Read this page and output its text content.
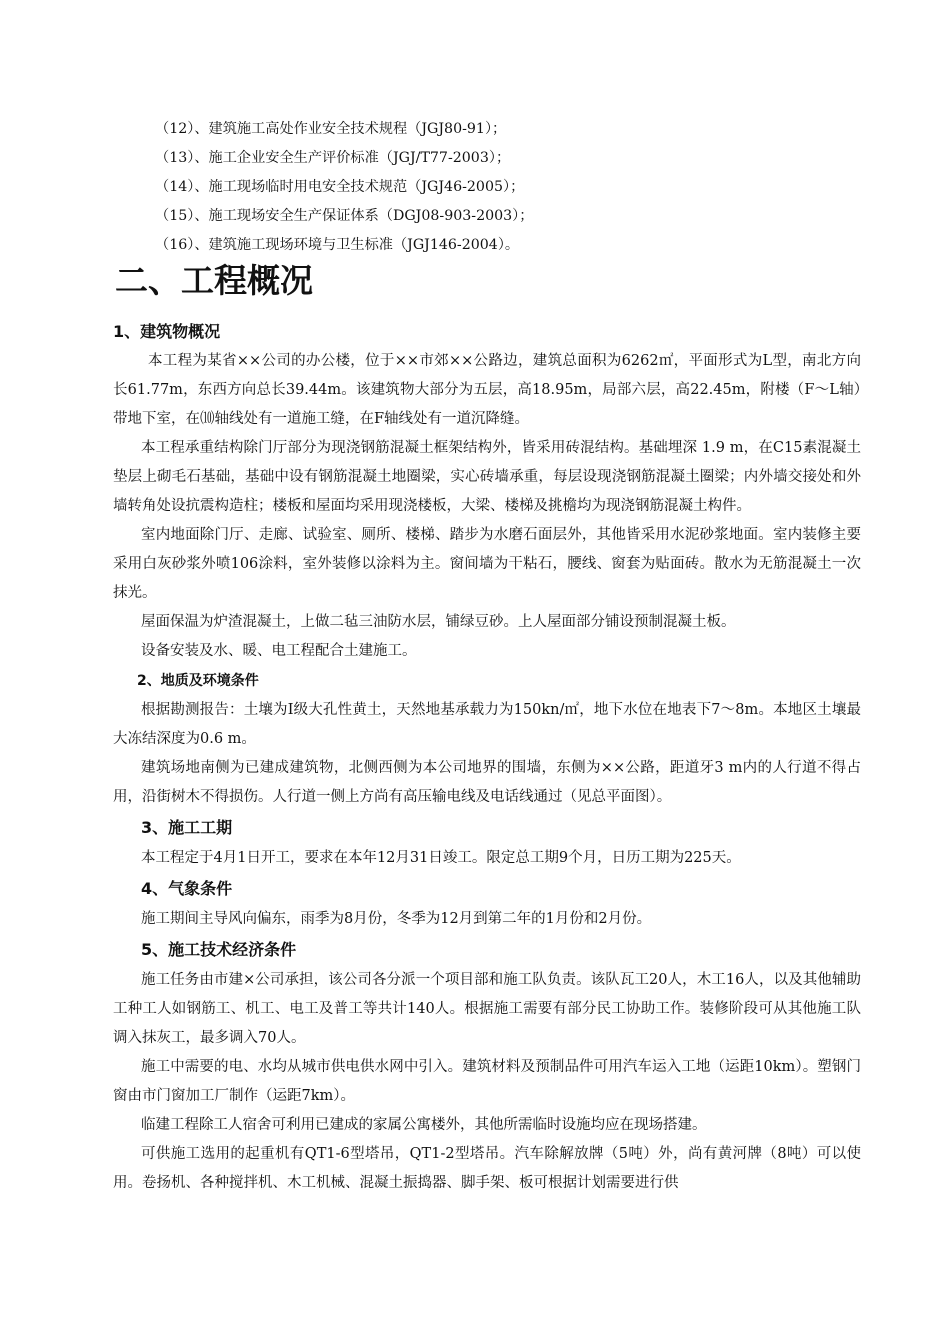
（12）、建筑施工高处作业安全技术规程（JGJ80-91）；
（13）、施工企业安全生产评价标准（JGJ/T77-2003）；
（14）、施工现场临时用电安全技术规范（JGJ46-2005）；
（15）、施工现场安全生产保证体系（DGJ08-903-2003）；
（16）、建筑施工现场环境与卫生标准（JGJ146-2004）。
二、工程概况
1、建筑物概况

本工程为某省××公司的办公楼，位于××市郊××公路边，建筑总面积为6262㎡，平面形式为L型，南北方向长61.77m，东西方向总长39.44m。该建筑物大部分为五层，高18.95m，局部六层，高22.45m，附楼（F～L轴）带地下室，在⑽轴线处有一道施工缝，在F轴线处有一道沉降缝。

本工程承重结构除门厅部分为现浇钢筋混凝土框架结构外，皆采用砖混结构。基础埋深 1.9 m，在C15素混凝土垫层上砌毛石基础，基础中设有钢筋混凝土地圈梁，实心砖墙承重，每层设现浇钢筋混凝土圈梁；内外墙交接处和外墙转角处设抗震构造柱；楼板和屋面均采用现浇楼板，大梁、楼梯及挑檐均为现浇钢筋混凝土构件。

室内地面除门厅、走廊、试验室、厕所、楼梯、踏步为水磨石面层外，其他皆采用水泥砂浆地面。室内装修主要采用白灰砂浆外喷106涂料，室外装修以涂料为主。窗间墙为干粘石，腰线、窗套为贴面砖。散水为无筋混凝土一次抹光。

屋面保温为炉渣混凝土，上做二毡三油防水层，铺绿豆砂。上人屋面部分铺设预制混凝土板。

设备安装及水、暖、电工程配合土建施工。

2、地质及环境条件

根据勘测报告：土壤为Ⅰ级大孔性黄土，天然地基承载力为150kn/㎡，地下水位在地表下7～8m。本地区土壤最大冻结深度为0.6 m。

建筑场地南侧为已建成建筑物，北侧西侧为本公司地界的围墙，东侧为××公路，距道牙3 m内的人行道不得占用，沿街树木不得损伤。人行道一侧上方尚有高压输电线及电话线通过（见总平面图）。

3、施工工期

本工程定于4月1日开工，要求在本年12月31日竣工。限定总工期9个月，日历工期为225天。

4、气象条件

施工期间主导风向偏东，雨季为8月份，冬季为12月到第二年的1月份和2月份。

5、施工技术经济条件

施工任务由市建×公司承担，该公司各分派一个项目部和施工队负责。该队瓦工20人，木工16人，以及其他辅助工种工人如钢筋工、机工、电工及普工等共计140人。根据施工需要有部分民工协助工作。装修阶段可从其他施工队调入抹灰工，最多调入70人。

施工中需要的电、水均从城市供电供水网中引入。建筑材料及预制品件可用汽车运入工地（运距10km）。塑钢门窗由市门窗加工厂制作（运距7km）。

临建工程除工人宿舍可利用已建成的家属公寓楼外，其他所需临时设施均应在现场搭建。

可供施工选用的起重机有QT1-6型塔吊，QT1-2型塔吊。汽车除解放牌（5吨）外，尚有黄河牌（8吨）可以使用。卷扬机、各种搅拌机、木工机械、混凝土振捣器、脚手架、板可根据计划需要进行供
